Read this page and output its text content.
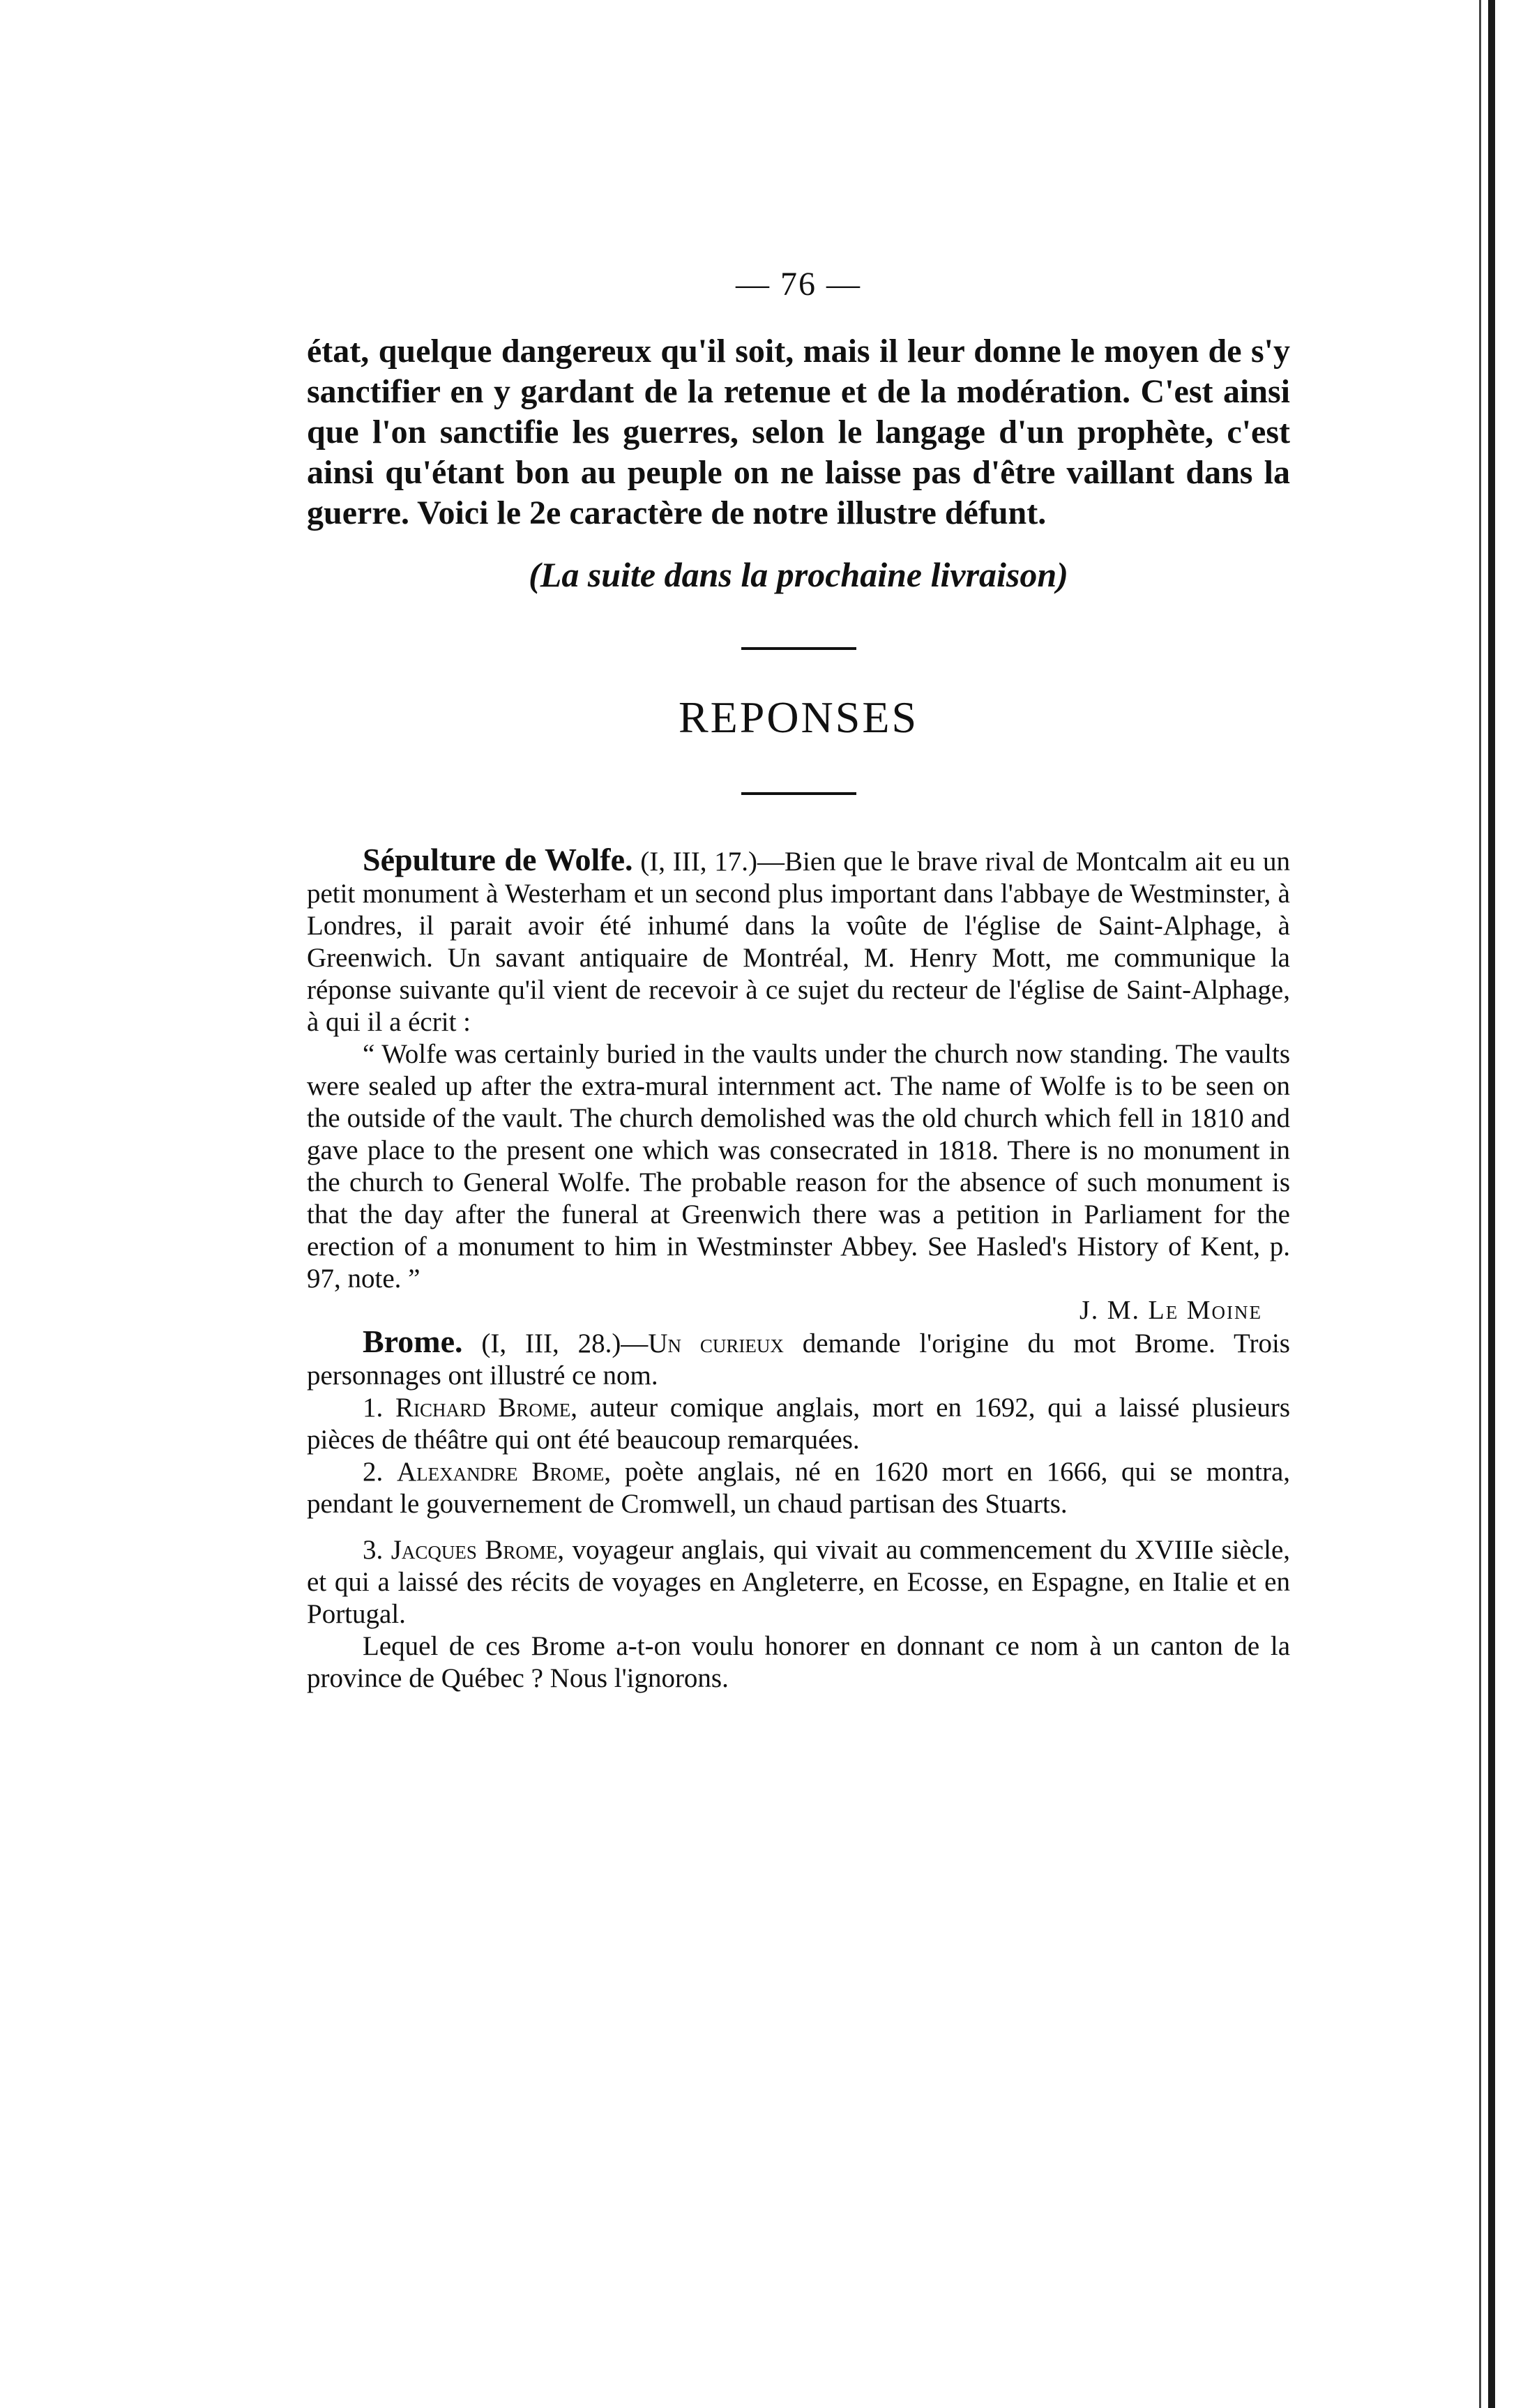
— 76 —

état, quelque dangereux qu'il soit, mais il leur donne le moyen de s'y sanctifier en y gardant de la retenue et de la modération. C'est ainsi que l'on sanctifie les guerres, selon le langage d'un prophète, c'est ainsi qu'étant bon au peuple on ne laisse pas d'être vaillant dans la guerre. Voici le 2e caractère de notre illustre défunt.

(La suite dans la prochaine livraison)

REPONSES

Sépulture de Wolfe. (I, III, 17.)—Bien que le brave rival de Montcalm ait eu un petit monument à Westerham et un second plus important dans l'abbaye de Westminster, à Londres, il parait avoir été inhumé dans la voûte de l'église de Saint-Alphage, à Greenwich. Un savant antiquaire de Montréal, M. Henry Mott, me communique la réponse suivante qu'il vient de recevoir à ce sujet du recteur de l'église de Saint-Alphage, à qui il a écrit :

“ Wolfe was certainly buried in the vaults under the church now standing. The vaults were sealed up after the extra-mural internment act. The name of Wolfe is to be seen on the outside of the vault. The church demolished was the old church which fell in 1810 and gave place to the present one which was consecrated in 1818. There is no monument in the church to General Wolfe. The probable reason for the absence of such monument is that the day after the funeral at Greenwich there was a petition in Parliament for the erection of a monument to him in Westminster Abbey. See Hasled's History of Kent, p. 97, note. ”

J. M. Le Moine

Brome. (I, III, 28.)—Un curieux demande l'origine du mot Brome. Trois personnages ont illustré ce nom.

1. Richard Brome, auteur comique anglais, mort en 1692, qui a laissé plusieurs pièces de théâtre qui ont été beaucoup remarquées.

2. Alexandre Brome, poète anglais, né en 1620 mort en 1666, qui se montra, pendant le gouvernement de Cromwell, un chaud partisan des Stuarts.

3. Jacques Brome, voyageur anglais, qui vivait au commencement du XVIIIe siècle, et qui a laissé des récits de voyages en Angleterre, en Ecosse, en Espagne, en Italie et en Portugal.

Lequel de ces Brome a-t-on voulu honorer en donnant ce nom à un canton de la province de Québec ? Nous l'ignorons.
